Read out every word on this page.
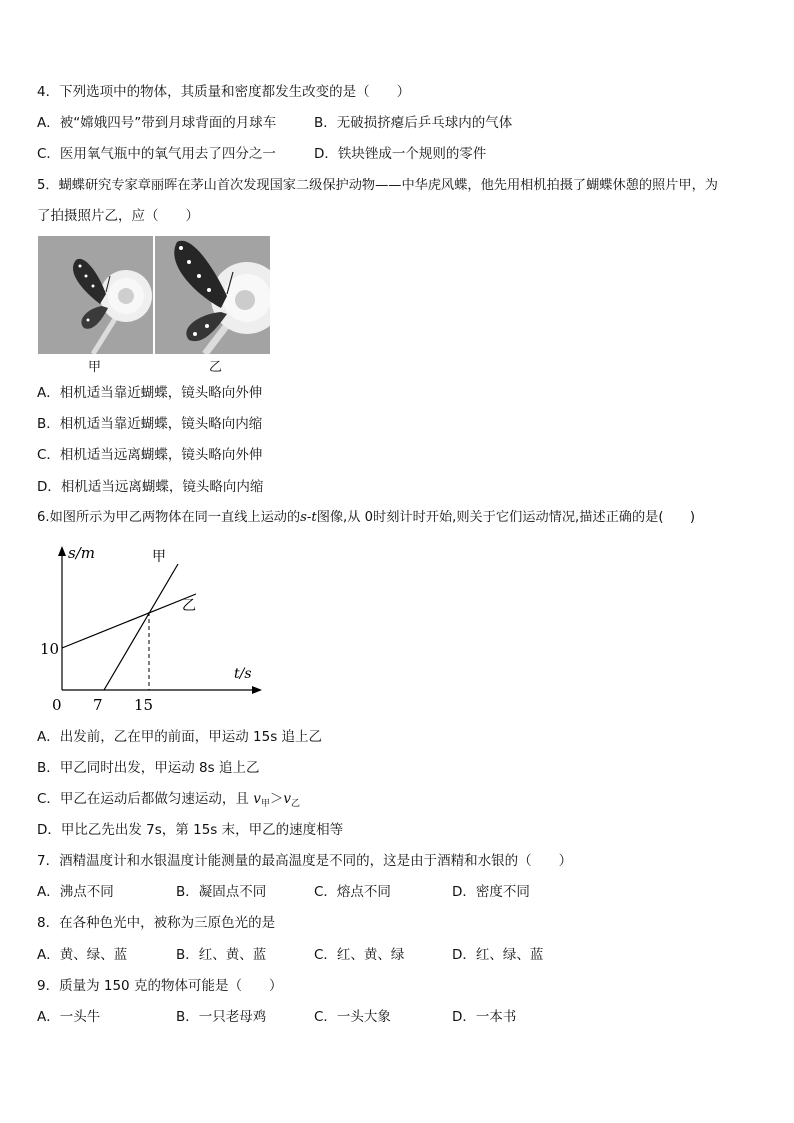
4．下列选项中的物体，其质量和密度都发生改变的是（　　）
A．被“嫦娥四号”带到月球背面的月球车	B．无破损挤瘪后乒乓球内的气体
C．医用氧气瓶中的氧气用去了四分之一	D．铁块锉成一个规则的零件
5．蝴蝶研究专家章丽晖在茅山首次发现国家二级保护动物——中华虎风蝶，他先用相机拍摄了蝴蝶休憩的照片甲，为
了拍摄照片乙，应（　　）
甲	乙
A．相机适当靠近蝴蝶，镜头略向外伸
B．相机适当靠近蝴蝶，镜头略向内缩
C．相机适当远离蝴蝶，镜头略向外伸
D．相机适当远离蝴蝶，镜头略向内缩
6.如图所示为甲乙两物体在同一直线上运动的s-t图像,从 0时刻计时开始,则关于它们运动情况,描述正确的是(　　)
s/m	甲
乙
t/s
10
0 7 15
A．出发前，乙在甲的前面，甲运动 15s 追上乙
B．甲乙同时出发，甲运动 8s 追上乙
C．甲乙在运动后都做匀速运动，且 $v_甲>v_乙$
D．甲比乙先出发 7s，第 15s 末，甲乙的速度相等
7．酒精温度计和水银温度计能测量的最高温度是不同的，这是由于酒精和水银的（　　）
A．沸点不同	B．凝固点不同	C．熔点不同	D．密度不同
8．在各种色光中，被称为三原色光的是
A．黄、绿、蓝	B．红、黄、蓝	C．红、黄、绿	D．红、绿、蓝
9．质量为 150 克的物体可能是（　　）
A．一头牛	B．一只老母鸡	C．一头大象	D．一本书
